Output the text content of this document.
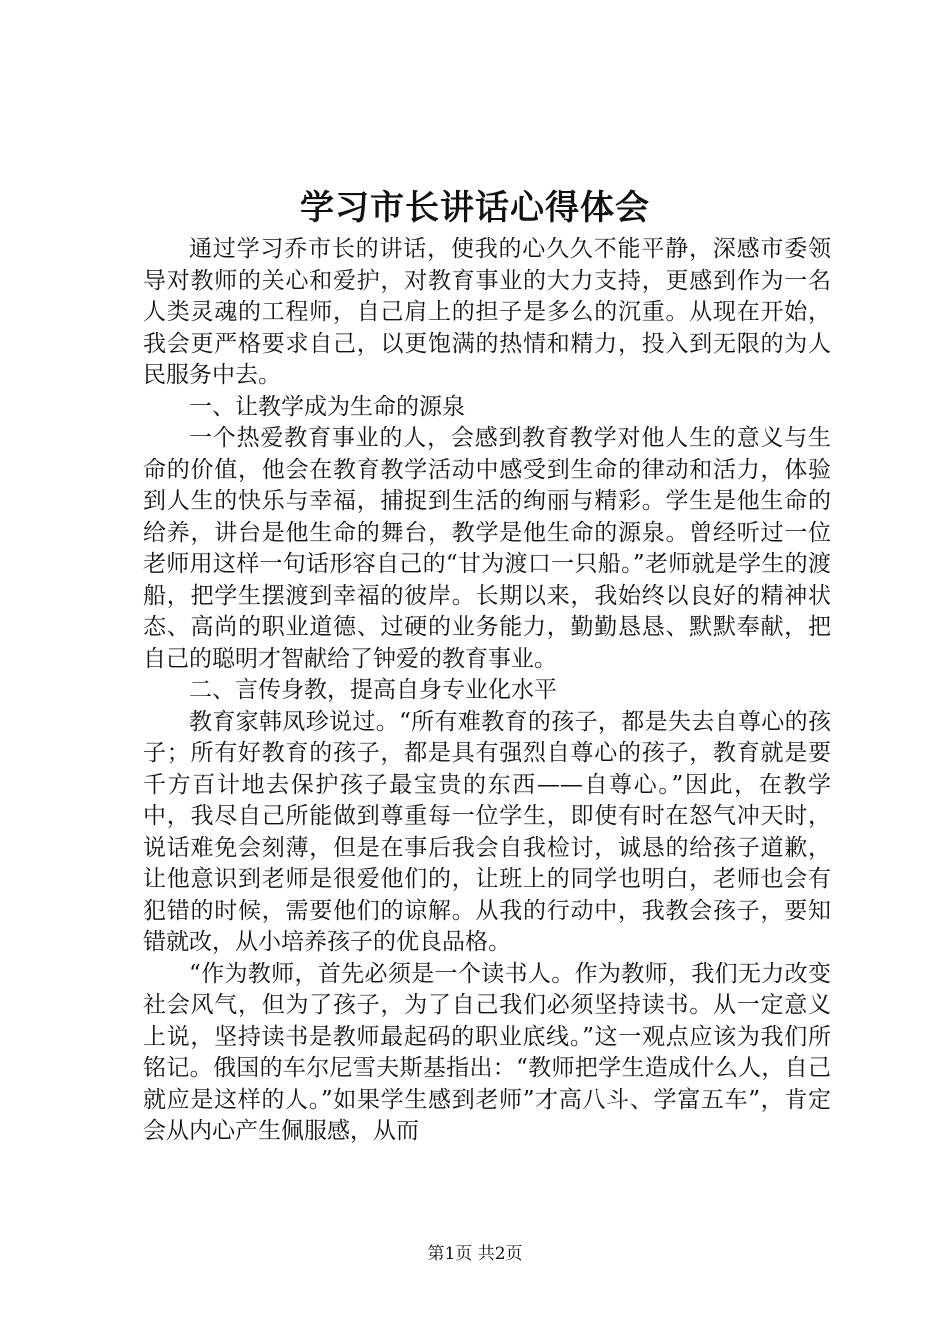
学习市长讲话心得体会

通过学习乔市长的讲话，使我的心久久不能平静，深感市委领导对教师的关心和爱护，对教育事业的大力支持，更感到作为一名人类灵魂的工程师，自己肩上的担子是多么的沉重。从现在开始，我会更严格要求自己，以更饱满的热情和精力，投入到无限的为人民服务中去。

一、让教学成为生命的源泉

一个热爱教育事业的人，会感到教育教学对他人生的意义与生命的价值，他会在教育教学活动中感受到生命的律动和活力，体验到人生的快乐与幸福，捕捉到生活的绚丽与精彩。学生是他生命的给养，讲台是他生命的舞台，教学是他生命的源泉。曾经听过一位老师用这样一句话形容自己的“甘为渡口一只船。”老师就是学生的渡船，把学生摆渡到幸福的彼岸。长期以来，我始终以良好的精神状态、高尚的职业道德、过硬的业务能力，勤勤恳恳、默默奉献，把自己的聪明才智献给了钟爱的教育事业。

二、言传身教，提高自身专业化水平

教育家韩凤珍说过。“所有难教育的孩子，都是失去自尊心的孩子；所有好教育的孩子，都是具有强烈自尊心的孩子，教育就是要千方百计地去保护孩子最宝贵的东西——自尊心。”因此，在教学中，我尽自己所能做到尊重每一位学生，即使有时在怒气冲天时，说话难免会刻薄，但是在事后我会自我检讨，诚恳的给孩子道歉，让他意识到老师是很爱他们的，让班上的同学也明白，老师也会有犯错的时候，需要他们的谅解。从我的行动中，我教会孩子，要知错就改，从小培养孩子的优良品格。

“作为教师，首先必须是一个读书人。作为教师，我们无力改变社会风气，但为了孩子，为了自己我们必须坚持读书。从一定意义上说，坚持读书是教师最起码的职业底线。”这一观点应该为我们所铭记。俄国的车尔尼雪夫斯基指出：“教师把学生造成什么人，自己就应是这样的人。”如果学生感到老师”才高八斗、学富五车”，肯定会从内心产生佩服感，从而

第1页 共2页
